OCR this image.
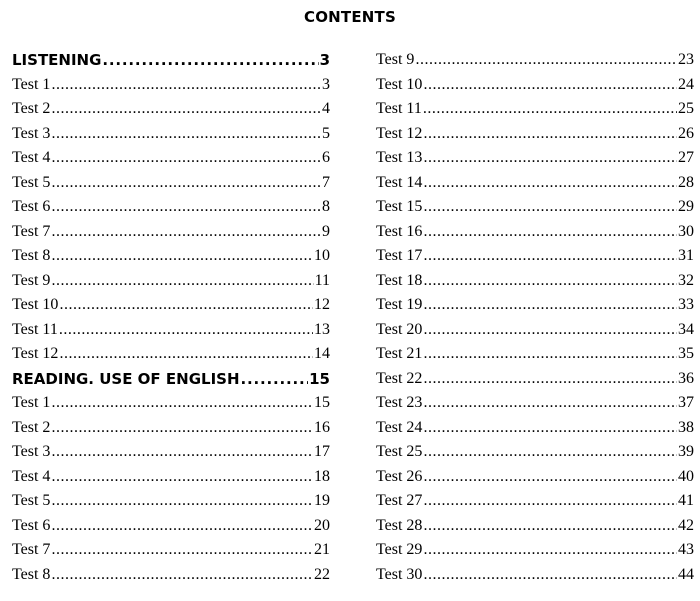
CONTENTS
LISTENING .....	3
Test 1 .....	3
Test 2 .....	4
Test 3 .....	5
Test 4 .....	6
Test 5 .....	7
Test 6 .....	8
Test 7 .....	9
Test 8 .....	10
Test 9 .....	11
Test 10 .....	12
Test 11 .....	13
Test 12 .....	14
READING. USE OF ENGLISH .....	15
Test 1 .....	15
Test 2 .....	16
Test 3 .....	17
Test 4 .....	18
Test 5 .....	19
Test 6 .....	20
Test 7 .....	21
Test 8 .....	22
Test 9 .....	23
Test 10 .....	24
Test 11 .....	25
Test 12 .....	26
Test 13 .....	27
Test 14 .....	28
Test 15 .....	29
Test 16 .....	30
Test 17 .....	31
Test 18 .....	32
Test 19 .....	33
Test 20 .....	34
Test 21 .....	35
Test 22 .....	36
Test 23 .....	37
Test 24 .....	38
Test 25 .....	39
Test 26 .....	40
Test 27 .....	41
Test 28 .....	42
Test 29 .....	43
Test 30 .....	44
